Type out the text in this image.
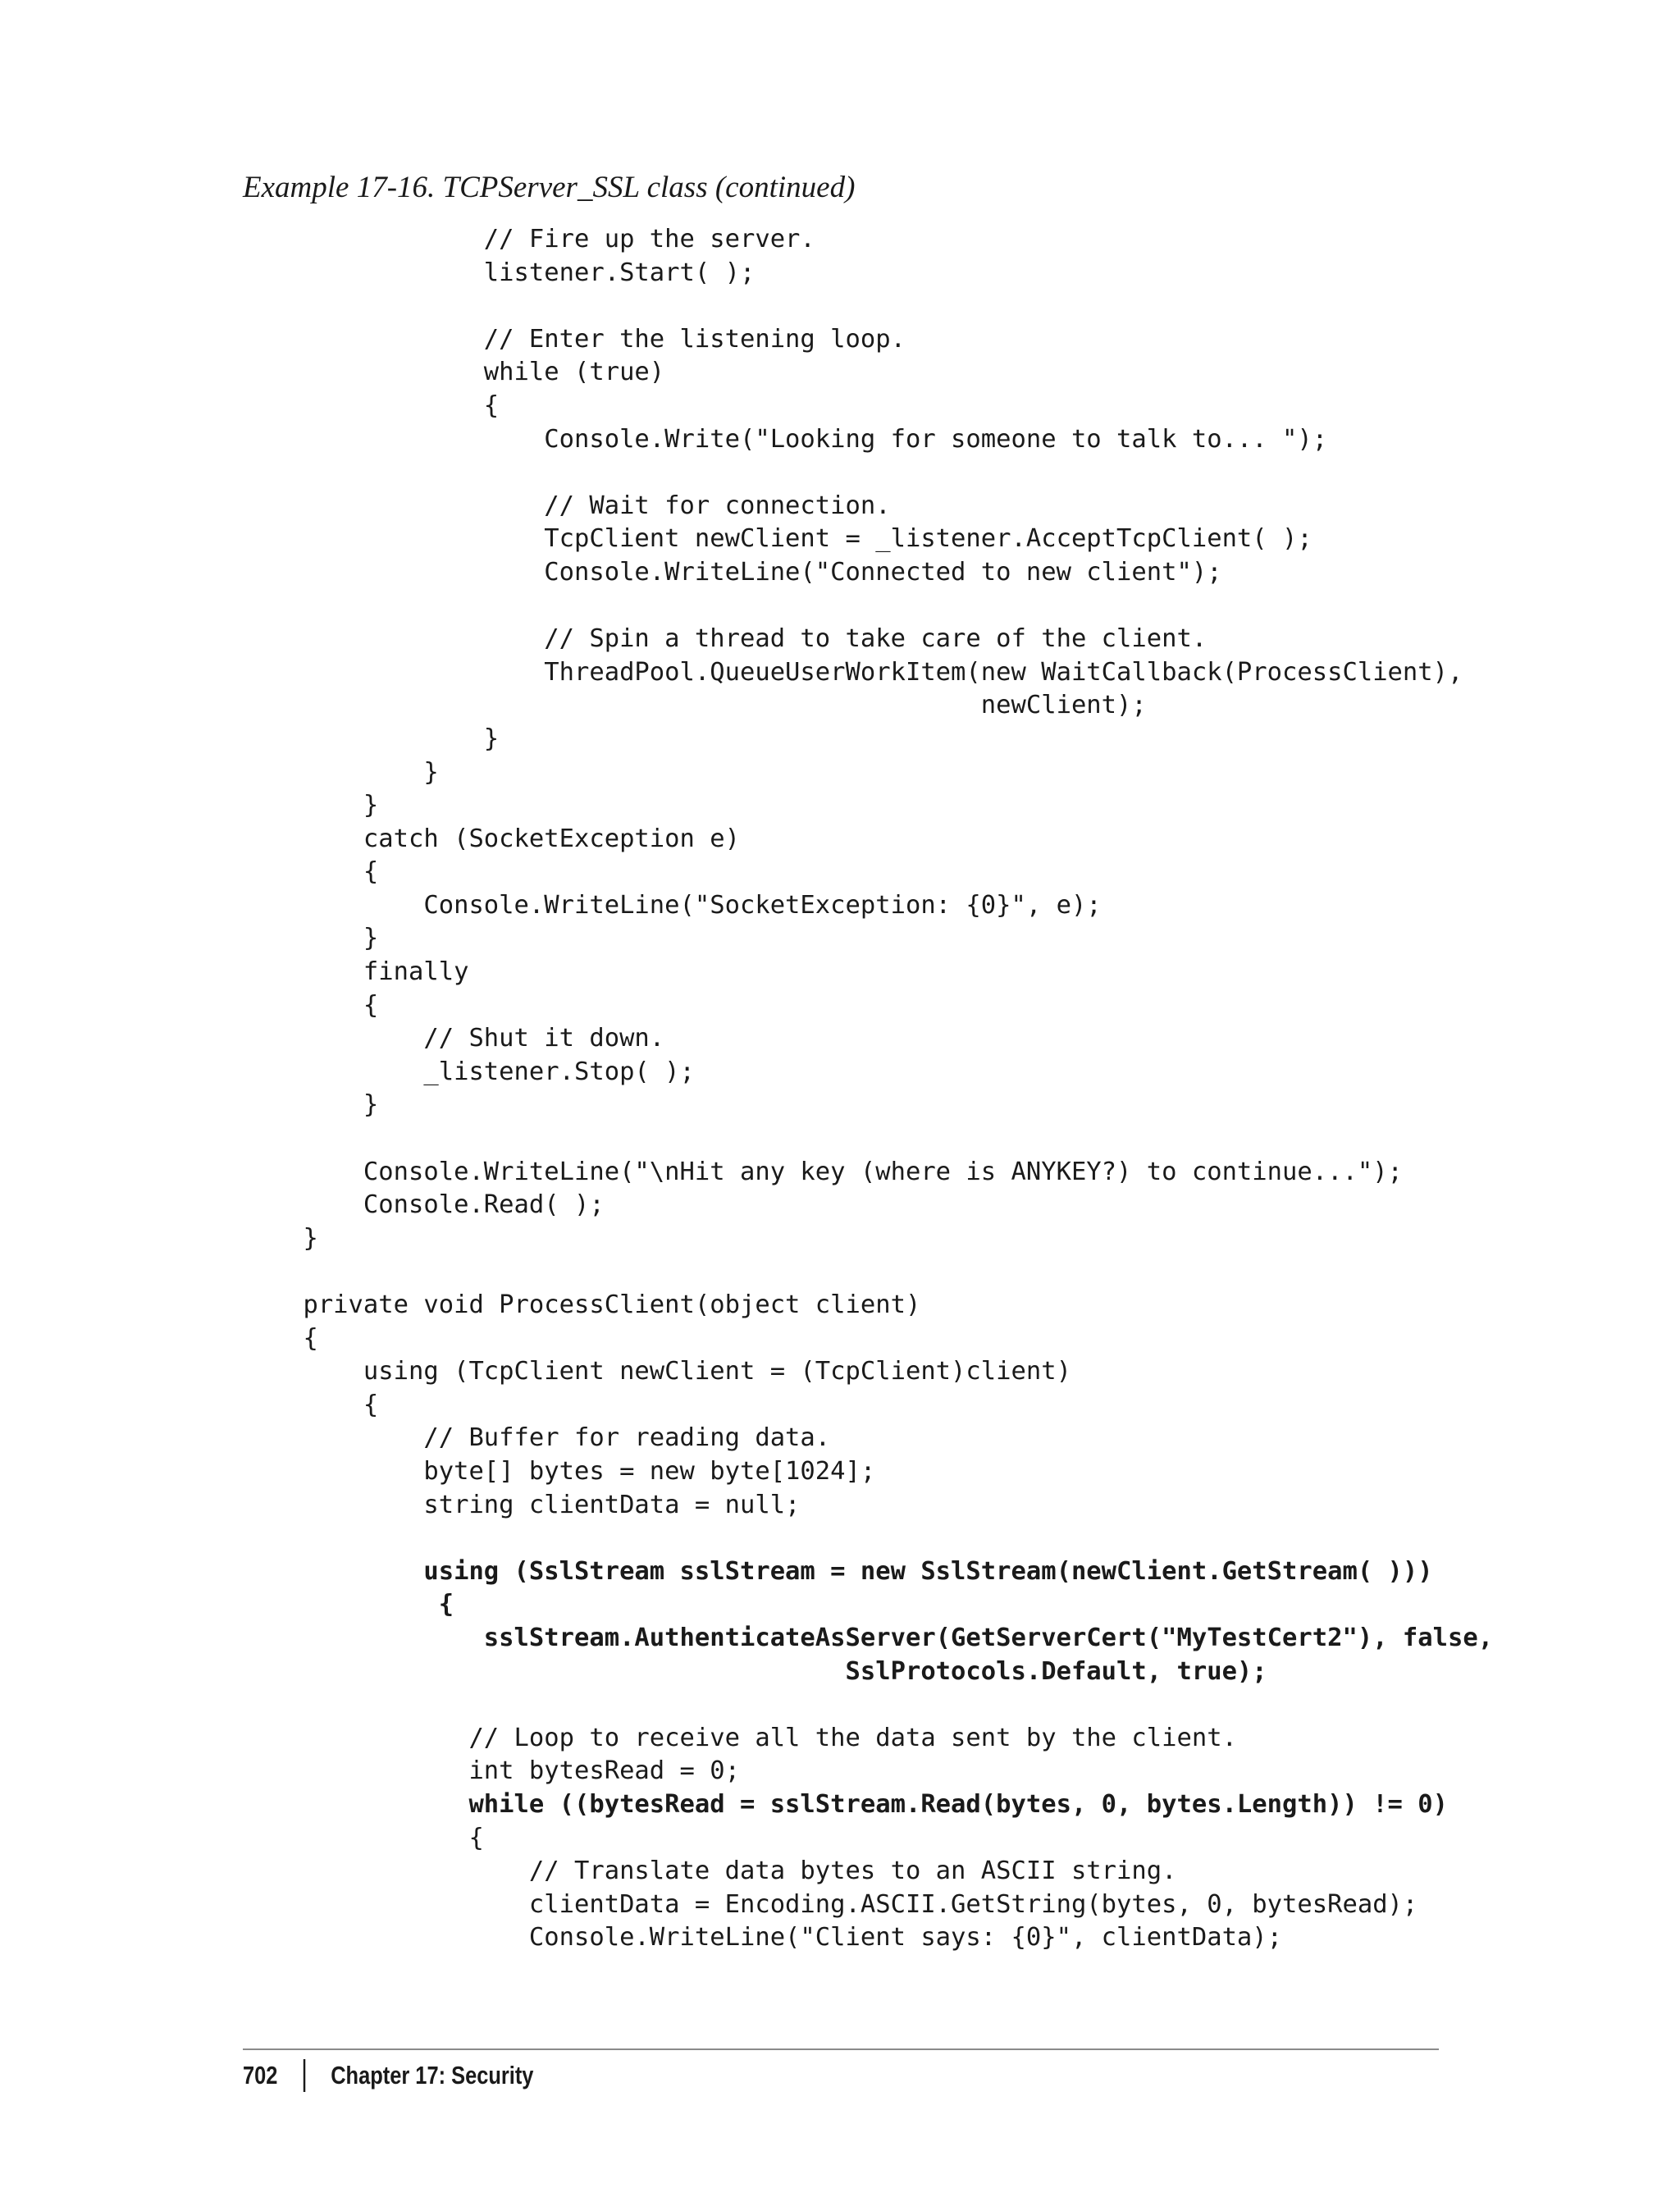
Example 17-16. TCPServer_SSL class (continued)
// Fire up the server.
listener.Start( );
// Enter the listening loop.
while (true)
{
Console.Write("Looking for someone to talk to... ");
// Wait for connection.
TcpClient newClient = _listener.AcceptTcpClient( );
Console.WriteLine("Connected to new client");
// Spin a thread to take care of the client.
ThreadPool.QueueUserWorkItem(new WaitCallback(ProcessClient),
newClient);
}
}
}
catch (SocketException e)
{
Console.WriteLine("SocketException: {0}", e);
}
finally
{
// Shut it down.
_listener.Stop( );
}
Console.WriteLine("\nHit any key (where is ANYKEY?) to continue...");
Console.Read( );
}
private void ProcessClient(object client)
{
using (TcpClient newClient = (TcpClient)client)
{
// Buffer for reading data.
byte[] bytes = new byte[1024];
string clientData = null;
using (SslStream sslStream = new SslStream(newClient.GetStream( )))
{
sslStream.AuthenticateAsServer(GetServerCert("MyTestCert2"), false,
SslProtocols.Default, true);
// Loop to receive all the data sent by the client.
int bytesRead = 0;
while ((bytesRead = sslStream.Read(bytes, 0, bytes.Length)) != 0)
{
// Translate data bytes to an ASCII string.
clientData = Encoding.ASCII.GetString(bytes, 0, bytesRead);
Console.WriteLine("Client says: {0}", clientData);
702 Chapter 17: Security
